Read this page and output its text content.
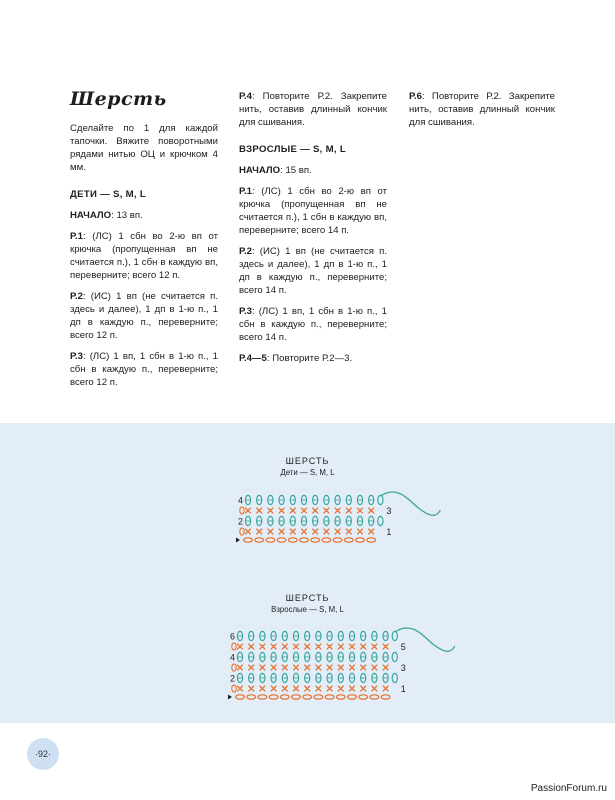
Шерсть

Сделайте по 1 для каждой тапочки. Вяжите поворотными рядами нитью ОЦ и крючком 4 мм.

ДЕТИ — S, M, L

НАЧАЛО: 13 вп.

Р.1: (ЛС) 1 сбн во 2-ю вп от крючка (пропущенная вп не считается п.), 1 сбн в каждую вп, переверните; всего 12 п.

Р.2: (ИС) 1 вп (не считается п. здесь и далее), 1 дп в 1-ю п., 1 дп в каждую п., переверните; всего 12 п.

Р.3: (ЛС) 1 вп, 1 сбн в 1-ю п., 1 сбн в каждую п., переверните; всего 12 п.

Р.4: Повторите Р.2. Закрепите нить, оставив длинный кончик для сшивания.

ВЗРОСЛЫЕ — S, M, L

НАЧАЛО: 15 вп.

Р.1: (ЛС) 1 сбн во 2-ю вп от крючка (пропущенная вп не считается п.), 1 сбн в каждую вп, переверните; всего 14 п.

Р.2: (ИС) 1 вп (не считается п. здесь и далее), 1 дп в 1-ю п., 1 дп в каждую п., переверните; всего 14 п.

Р.3: (ЛС) 1 вп, 1 сбн в 1-ю п., 1 сбн в каждую п., переверните; всего 14 п.

Р.4—5: Повторите Р.2—3.

Р.6: Повторите Р.2. Закрепите нить, оставив длинный кончик для сшивания.

ШЕРСТЬ
Дети — S, M, L
ШЕРСТЬ
Взрослые — S, M, L
4
3
2
1
6
5
4
3
2
1
·92·
PassionForum.ru
